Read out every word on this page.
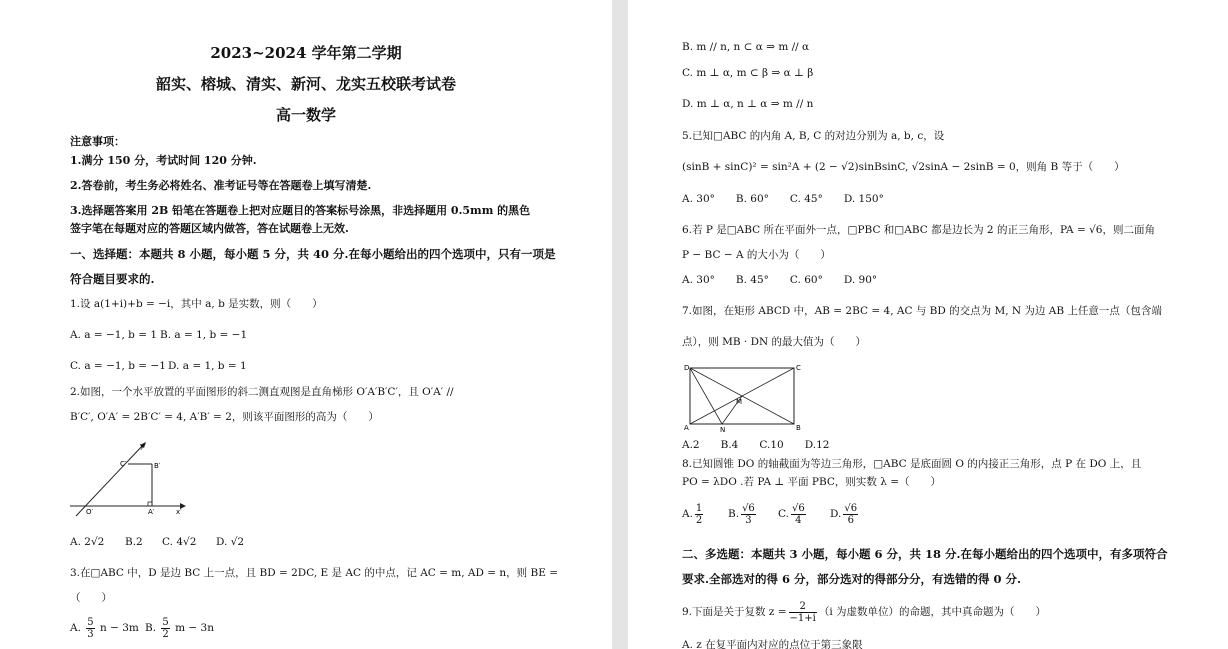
2023~2024 学年第二学期
韶实、榕城、清实、新河、龙实五校联考试卷
高一数学
注意事项：
1.满分 150 分，考试时间 120 分钟.
2.答卷前，考生务必将姓名、准考证号等在答题卷上填写清楚.
3.选择题答案用 2B 铅笔在答题卷上把对应题目的答案标号涂黑，非选择题用 0.5mm 的黑色
签字笔在每题对应的答题区域内做答，答在试题卷上无效.
一、选择题：本题共 8 小题，每小题 5 分，共 40 分.在每小题给出的四个选项中，只有一项是
符合题目要求的.
1.设 a(1+i)+b = −i，其中 a, b 是实数，则（　　）
A. a = −1, b = 1 B. a = 1, b = −1
C. a = −1, b = −1 D. a = 1, b = 1
2.如图，一个水平放置的平面图形的斜二测直观图是直角梯形 O′A′B′C′，且 O′A′ //
B′C′, O′A′ = 2B′C′ = 4, A′B′ = 2，则该平面图形的高为（　　）
y′
C′	B′
O′	A′	x′
A. 2√2 B.2 C. 4√2 D. √2
3.在□ABC 中，D 是边 BC 上一点，且 BD = 2DC, E 是 AC 的中点，记 AC = m, AD = n，则 BE =
（　　）
A. $\frac{5}{3}$ n − 3m B. $\frac{5}{2}$ m − 3n
B. m // n, n ⊂ α ⇒ m // α
C. m ⊥ α, m ⊂ β ⇒ α ⊥ β
D. m ⊥ α, n ⊥ α ⇒ m // n
5.已知□ABC 的内角 A, B, C 的对边分别为 a, b, c，设
(sinB + sinC)² = sin²A + (2 − √2)sinBsinC, √2sinA − 2sinB = 0，则角 B 等于（　　）
A. 30°　　B. 60°　　C. 45°　　D. 150°
6.若 P 是□ABC 所在平面外一点，□PBC 和□ABC 都是边长为 2 的正三角形，PA = √6，则二面角
P − BC − A 的大小为（　　）
A. 30°　　B. 45°　　C. 60°　　D. 90°
7.如图，在矩形 ABCD 中，AB = 2BC = 4, AC 与 BD 的交点为 M, N 为边 AB 上任意一点（包含端
点），则 MB · DN 的最大值为（　　）
D	C
A	B
M
N
A.2　　B.4　　C.10　　D.12
8.已知圆锥 DO 的轴截面为等边三角形，□ABC 是底面圆 O 的内接正三角形，点 P 在 DO 上，且
PO = λDO .若 PA ⊥ 平面 PBC，则实数 λ =（　　）
A. $\frac{1}{2} B$. $\frac{√6}{3} C$. $\frac{√6}{4} D$. $\frac{√6}{6}$
二、多选题：本题共 3 小题，每小题 6 分，共 18 分.在每小题给出的四个选项中，有多项符合
要求.全部选对的得 6 分，部分选对的得部分分，有选错的得 0 分.
9.下面是关于复数 $z = \frac{2}{-1+i} (i$ 为虚数单位）的命题，其中真命题为（　　）
A. z 在复平面内对应的点位于第三象限
